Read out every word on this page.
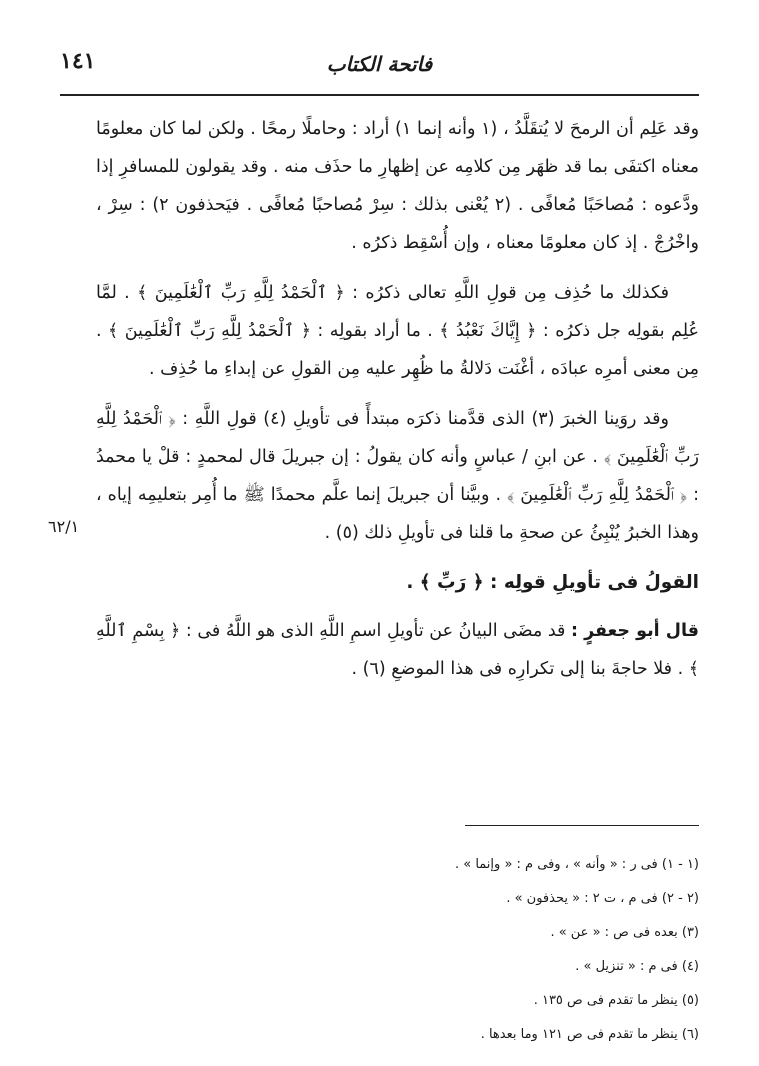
فاتحة الكتاب
١٤١
٦٢/١

وقد عَلِم أن الرمحَ لا يُتقَلَّدُ ، (١ وأنه إنما ١) أراد : وحاملًا رمحًا . ولكن لما كان معلومًا معناه اكتفَى بما قد ظهَر مِن كلامِه عن إظهارِ ما حذَف منه . وقد يقولون للمسافرِ إذا ودَّعوه : مُصاحَبًا مُعافًى . (٢ يُعْنى بذلك : سِرْ مُصاحبًا مُعافًى . فيَحذفون ٢) : سِرْ ، واخْرُجْ . إذ كان معلومًا معناه ، وإن أُسْقِط ذكرُه .

فكذلك ما حُذِف مِن قولِ اللَّهِ تعالى ذكرُه : ﴿ ٱلْحَمْدُ لِلَّهِ رَبِّ ٱلْعَٰلَمِينَ ﴾ . لمَّا عُلِم بقولِه جل ذكرُه : ﴿ إِيَّاكَ نَعْبُدُ ﴾ . ما أراد بقولِه : ﴿ ٱلْحَمْدُ لِلَّهِ رَبِّ ٱلْعَٰلَمِينَ ﴾ . مِن معنى أمرِه عبادَه ، أغْنَت دَلالةُ ما ظُهِر عليه مِن القولِ عن إبداءِ ما حُذِف .

وقد روَينا الخبرَ (٣) الذى قدَّمنا ذكرَه مبتدأً فى تأويلِ (٤) قولِ اللَّهِ : ﴿ ٱلْحَمْدُ لِلَّهِ رَبِّ ٱلْعَٰلَمِينَ ﴾ . عن ابنِ / عباسٍ وأنه كان يقولُ : إن جبريلَ قال لمحمدٍ : قلْ يا محمدُ : ﴿ ٱلْحَمْدُ لِلَّهِ رَبِّ ٱلْعَٰلَمِينَ ﴾ . وبيَّنا أن جبريلَ إنما علَّم محمدًا ﷺ ما أُمِر بتعليمِه إياه ، وهذا الخبرُ يُنْبِئُ عن صحةِ ما قلنا فى تأويلِ ذلك (٥) .

القولُ فى تأويلِ قولِه : ﴿ رَبِّ ﴾ .

قال أبو جعفرٍ : قد مضَى البيانُ عن تأويلِ اسمِ اللَّهِ الذى هو اللَّهُ فى : ﴿ بِسْمِ ٱللَّهِ ﴾ . فلا حاجةَ بنا إلى تكرارِه فى هذا الموضعِ (٦) .

(١ - ١) فى ر : « وأنه » ، وفى م : « وإنما » .

(٢ - ٢) فى م ، ت ٢ : « يحذفون » .

(٣) بعده فى ص : « عن » .

(٤) فى م : « تنزيل » .

(٥) ينظر ما تقدم فى ص ١٣٥ .

(٦) ينظر ما تقدم فى ص ١٢١ وما بعدها .
